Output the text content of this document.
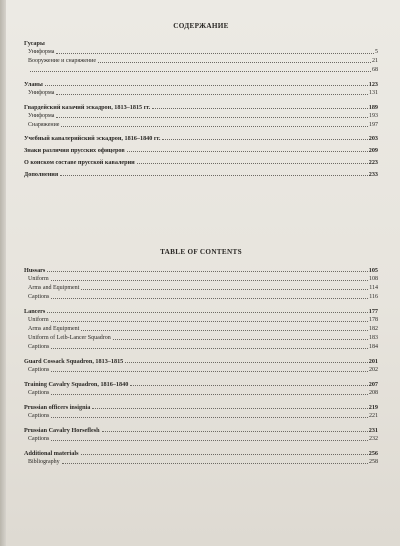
СОДЕРЖАНИЕ
Гусары
Униформа	5
Вооружение и снаряжение	21
68
Уланы	123
Униформа	131
Гвардейский казачий эскадрон, 1813–1815 гг.	189
Униформа	193
Снаряжение	197
Учебный кавалерийский эскадрон, 1816–1840 гг.	203
Знаки различия прусских офицеров	209
О конском составе прусской кавалерии	223
Дополнения	233
TABLE OF CONTENTS
Hussars	105
Uniform	108
Arms and Equipment	114
Captions	116
Lancers	177
Uniform	178
Arms and Equipment	182
Uniform of Leib-Lancer Squadron	183
Captions	184
Guard Cossack Squadron, 1813–1815	201
Captions	202
Training Cavalry Squadron, 1816–1840	207
Captions	208
Prussian officers insignia	219
Captions	221
Prussian Cavalry Horseflesh	231
Captions	232
Additional materials	256
Bibliography	258
